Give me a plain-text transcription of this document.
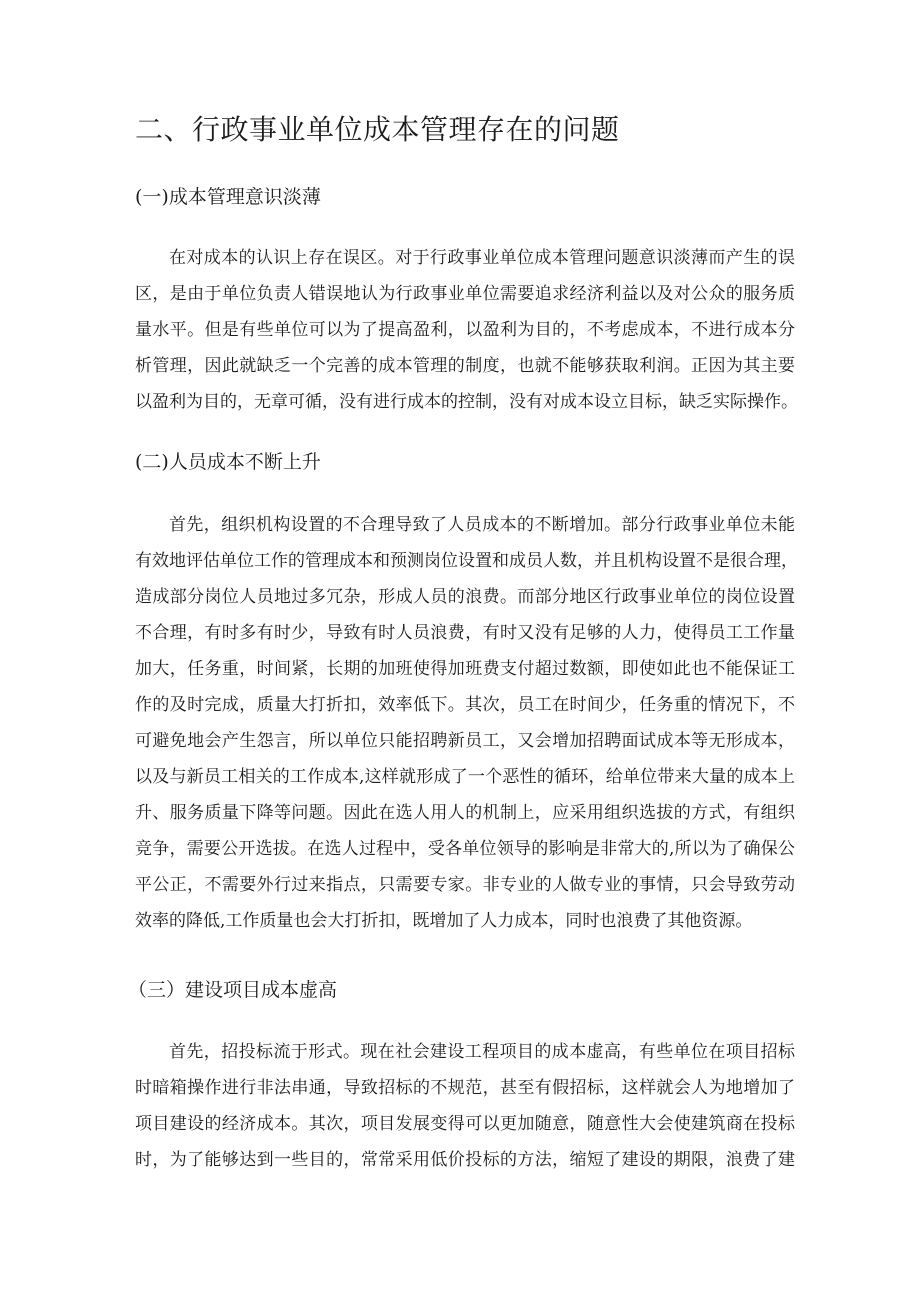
二、行政事业单位成本管理存在的问题
(一)成本管理意识淡薄
在对成本的认识上存在误区。对于行政事业单位成本管理问题意识淡薄而产生的误
区，是由于单位负责人错误地认为行政事业单位需要追求经济利益以及对公众的服务质
量水平。但是有些单位可以为了提高盈利，以盈利为目的，不考虑成本，不进行成本分
析管理，因此就缺乏一个完善的成本管理的制度，也就不能够获取利润。正因为其主要
以盈利为目的，无章可循，没有进行成本的控制，没有对成本设立目标，缺乏实际操作。
(二)人员成本不断上升
首先，组织机构设置的不合理导致了人员成本的不断增加。部分行政事业单位未能
有效地评估单位工作的管理成本和预测岗位设置和成员人数，并且机构设置不是很合理，
造成部分岗位人员地过多冗杂，形成人员的浪费。而部分地区行政事业单位的岗位设置
不合理，有时多有时少，导致有时人员浪费，有时又没有足够的人力，使得员工工作量
加大，任务重，时间紧，长期的加班使得加班费支付超过数额，即使如此也不能保证工
作的及时完成，质量大打折扣，效率低下。其次，员工在时间少，任务重的情况下，不
可避免地会产生怨言，所以单位只能招聘新员工，又会增加招聘面试成本等无形成本，
以及与新员工相关的工作成本,这样就形成了一个恶性的循环，给单位带来大量的成本上
升、服务质量下降等问题。因此在选人用人的机制上，应采用组织选拔的方式，有组织
竞争，需要公开选拔。在选人过程中，受各单位领导的影响是非常大的,所以为了确保公
平公正，不需要外行过来指点，只需要专家。非专业的人做专业的事情，只会导致劳动
效率的降低,工作质量也会大打折扣，既增加了人力成本，同时也浪费了其他资源。
（三）建设项目成本虚高
首先，招投标流于形式。现在社会建设工程项目的成本虚高，有些单位在项目招标
时暗箱操作进行非法串通，导致招标的不规范，甚至有假招标，这样就会人为地增加了
项目建设的经济成本。其次，项目发展变得可以更加随意，随意性大会使建筑商在投标
时，为了能够达到一些目的，常常采用低价投标的方法，缩短了建设的期限，浪费了建
